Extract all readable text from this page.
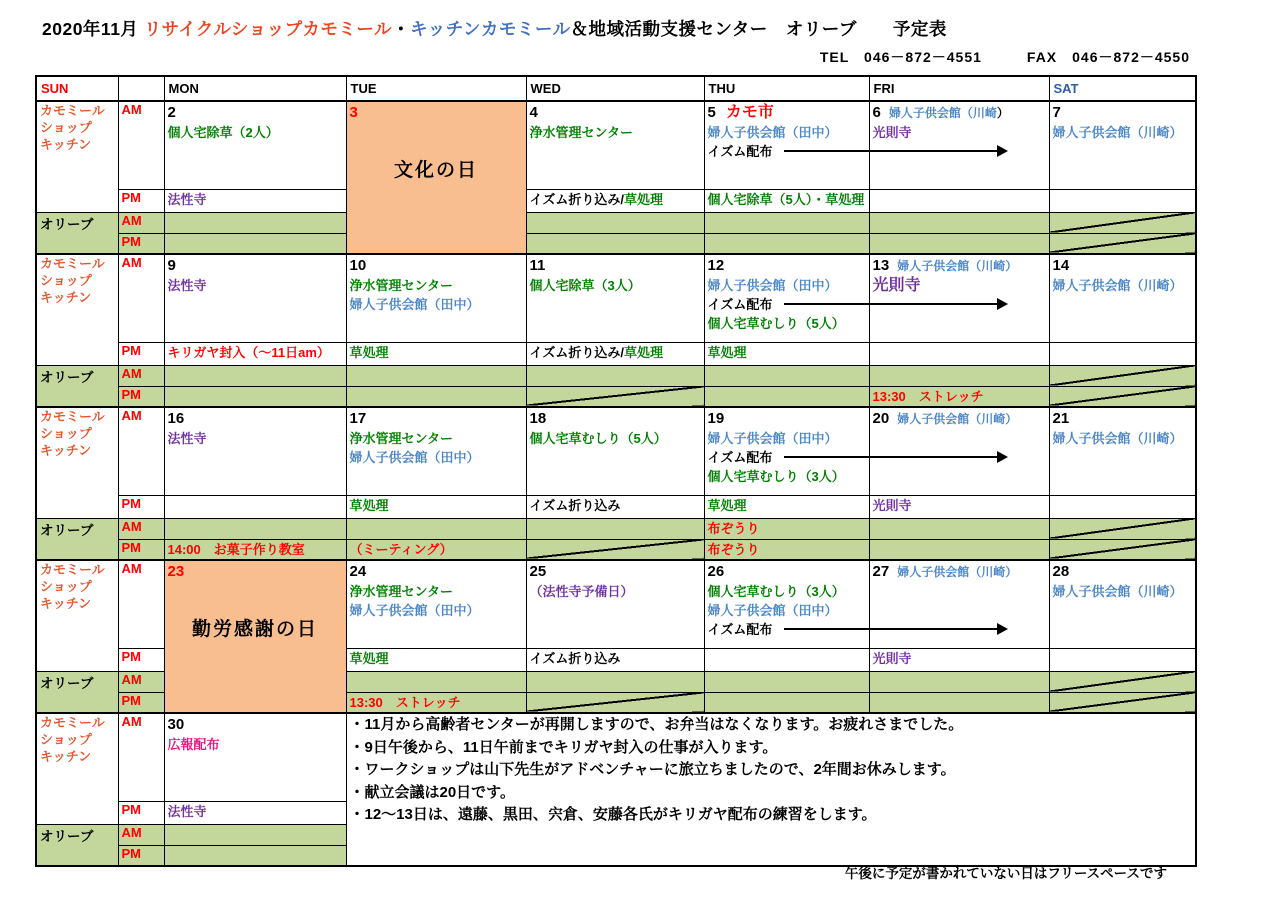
2020年11月 リサイクルショップカモミール・キッチンカモミール＆地域活動支援センター　オリーブ　　予定表
TEL　046－872－4551　　　FAX　046－872－4550
SUN		MON	TUE	WED	THU	FRI	SAT

カモミール
ショップ
キッチン
	AM	2
個人宅除草（2人）

3
文化の日

4
浄水管理センター

5 カモ市
婦人子供会館（田中）
イズム配布

6 婦人子供会館（川崎）
光則寺

7
婦人子供会館（川崎）

	PM	法性寺		イズム折り込み/草処理	個人宅除草（5人）・草処理		

オリーブ	AM						
	PM						

カモミール
ショップ
キッチン
	AM	9
法性寺

10
浄水管理センター
婦人子供会館（田中）

11
個人宅除草（3人）

12
婦人子供会館（田中）
イズム配布
個人宅草むしり（5人）

13 婦人子供会館（川崎）
光則寺

14
婦人子供会館（川崎）

	PM	キリガヤ封入（～11日am）	草処理	イズム折り込み/草処理	草処理		

オリーブ	AM						
	PM					13:30　ストレッチ	

カモミール
ショップ
キッチン
	AM	16
法性寺

17
浄水管理センター
婦人子供会館（田中）

18
個人宅草むしり（5人）

19
婦人子供会館（田中）
イズム配布
個人宅草むしり（3人）

20 婦人子供会館（川崎）	21
婦人子供会館（川崎）

	PM		草処理	イズム折り込み	草処理	光則寺	

オリーブ	AM				布ぞうり		
	PM	14:00　お菓子作り教室	（ミーティング）		布ぞうり		

カモミール
ショップ
キッチン
	AM	23
勤労感謝の日

24
浄水管理センター
婦人子供会館（田中）

25
（法性寺予備日）

26
個人宅草むしり（3人）
婦人子供会館（田中）
イズム配布

27 婦人子供会館（川崎）	28
婦人子供会館（川崎）

	PM		草処理	イズム折り込み		光則寺	

オリーブ	AM						
	PM		13:30　ストレッチ				

カモミール
ショップ
キッチン
	AM	30
広報配布

・11月から高齢者センターが再開しますので、お弁当はなくなります。お疲れさまでした。
・9日午後から、11日午前までキリガヤ封入の仕事が入ります。
・ワークショップは山下先生がアドベンチャーに旅立ちましたので、2年間お休みします。
・献立会議は20日です。
・12～13日は、遠藤、黒田、宍倉、安藤各氏がキリガヤ配布の練習をします。

	PM	法性寺					

オリーブ	AM						
	PM						
午後に予定が書かれていない日はフリースペースです
